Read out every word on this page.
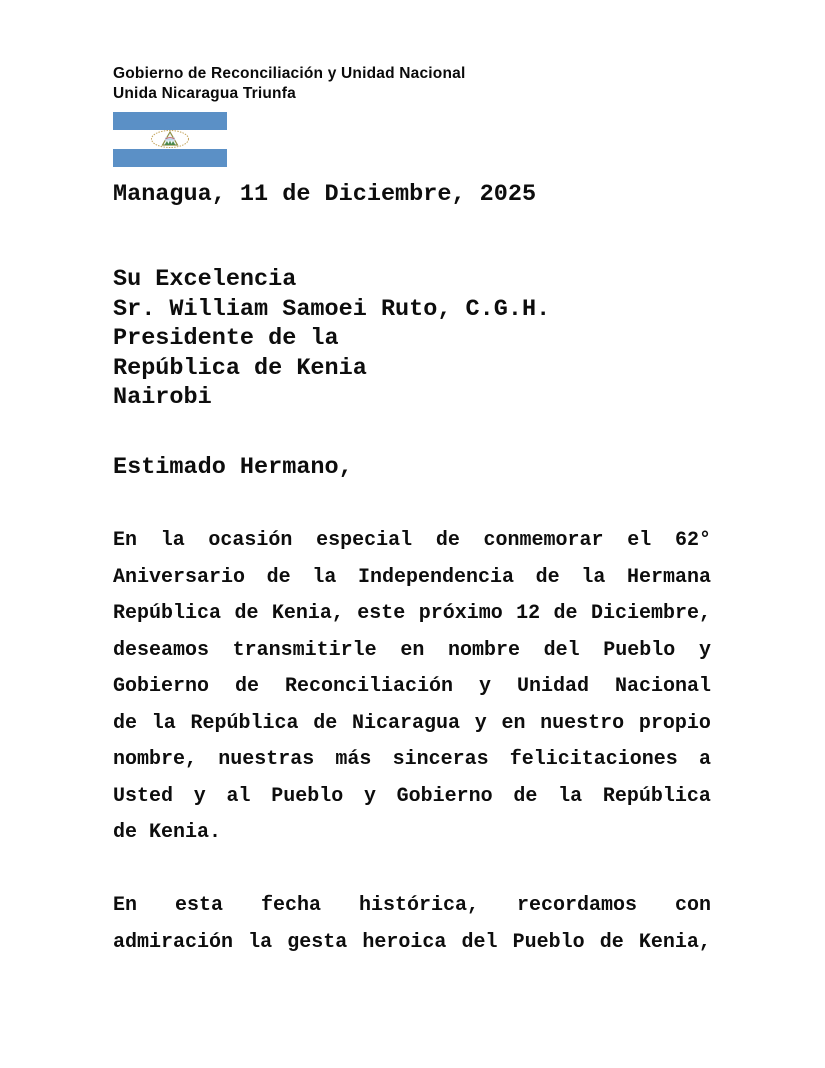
Gobierno de Reconciliación y Unidad Nacional
Unida Nicaragua Triunfa
Managua, 11 de Diciembre, 2025
Su Excelencia
Sr. William Samoei Ruto, C.G.H.
Presidente de la
República de Kenia
Nairobi
Estimado Hermano,
En la ocasión especial de conmemorar el 62°
Aniversario de la Independencia de la Hermana
República de Kenia, este próximo 12 de Diciembre,
deseamos transmitirle en nombre del Pueblo y
Gobierno de Reconciliación y Unidad Nacional
de la República de Nicaragua y en nuestro propio
nombre, nuestras más sinceras felicitaciones a
Usted y al Pueblo y Gobierno de la República
de Kenia.
En esta fecha histórica, recordamos con
admiración la gesta heroica del Pueblo de Kenia,
